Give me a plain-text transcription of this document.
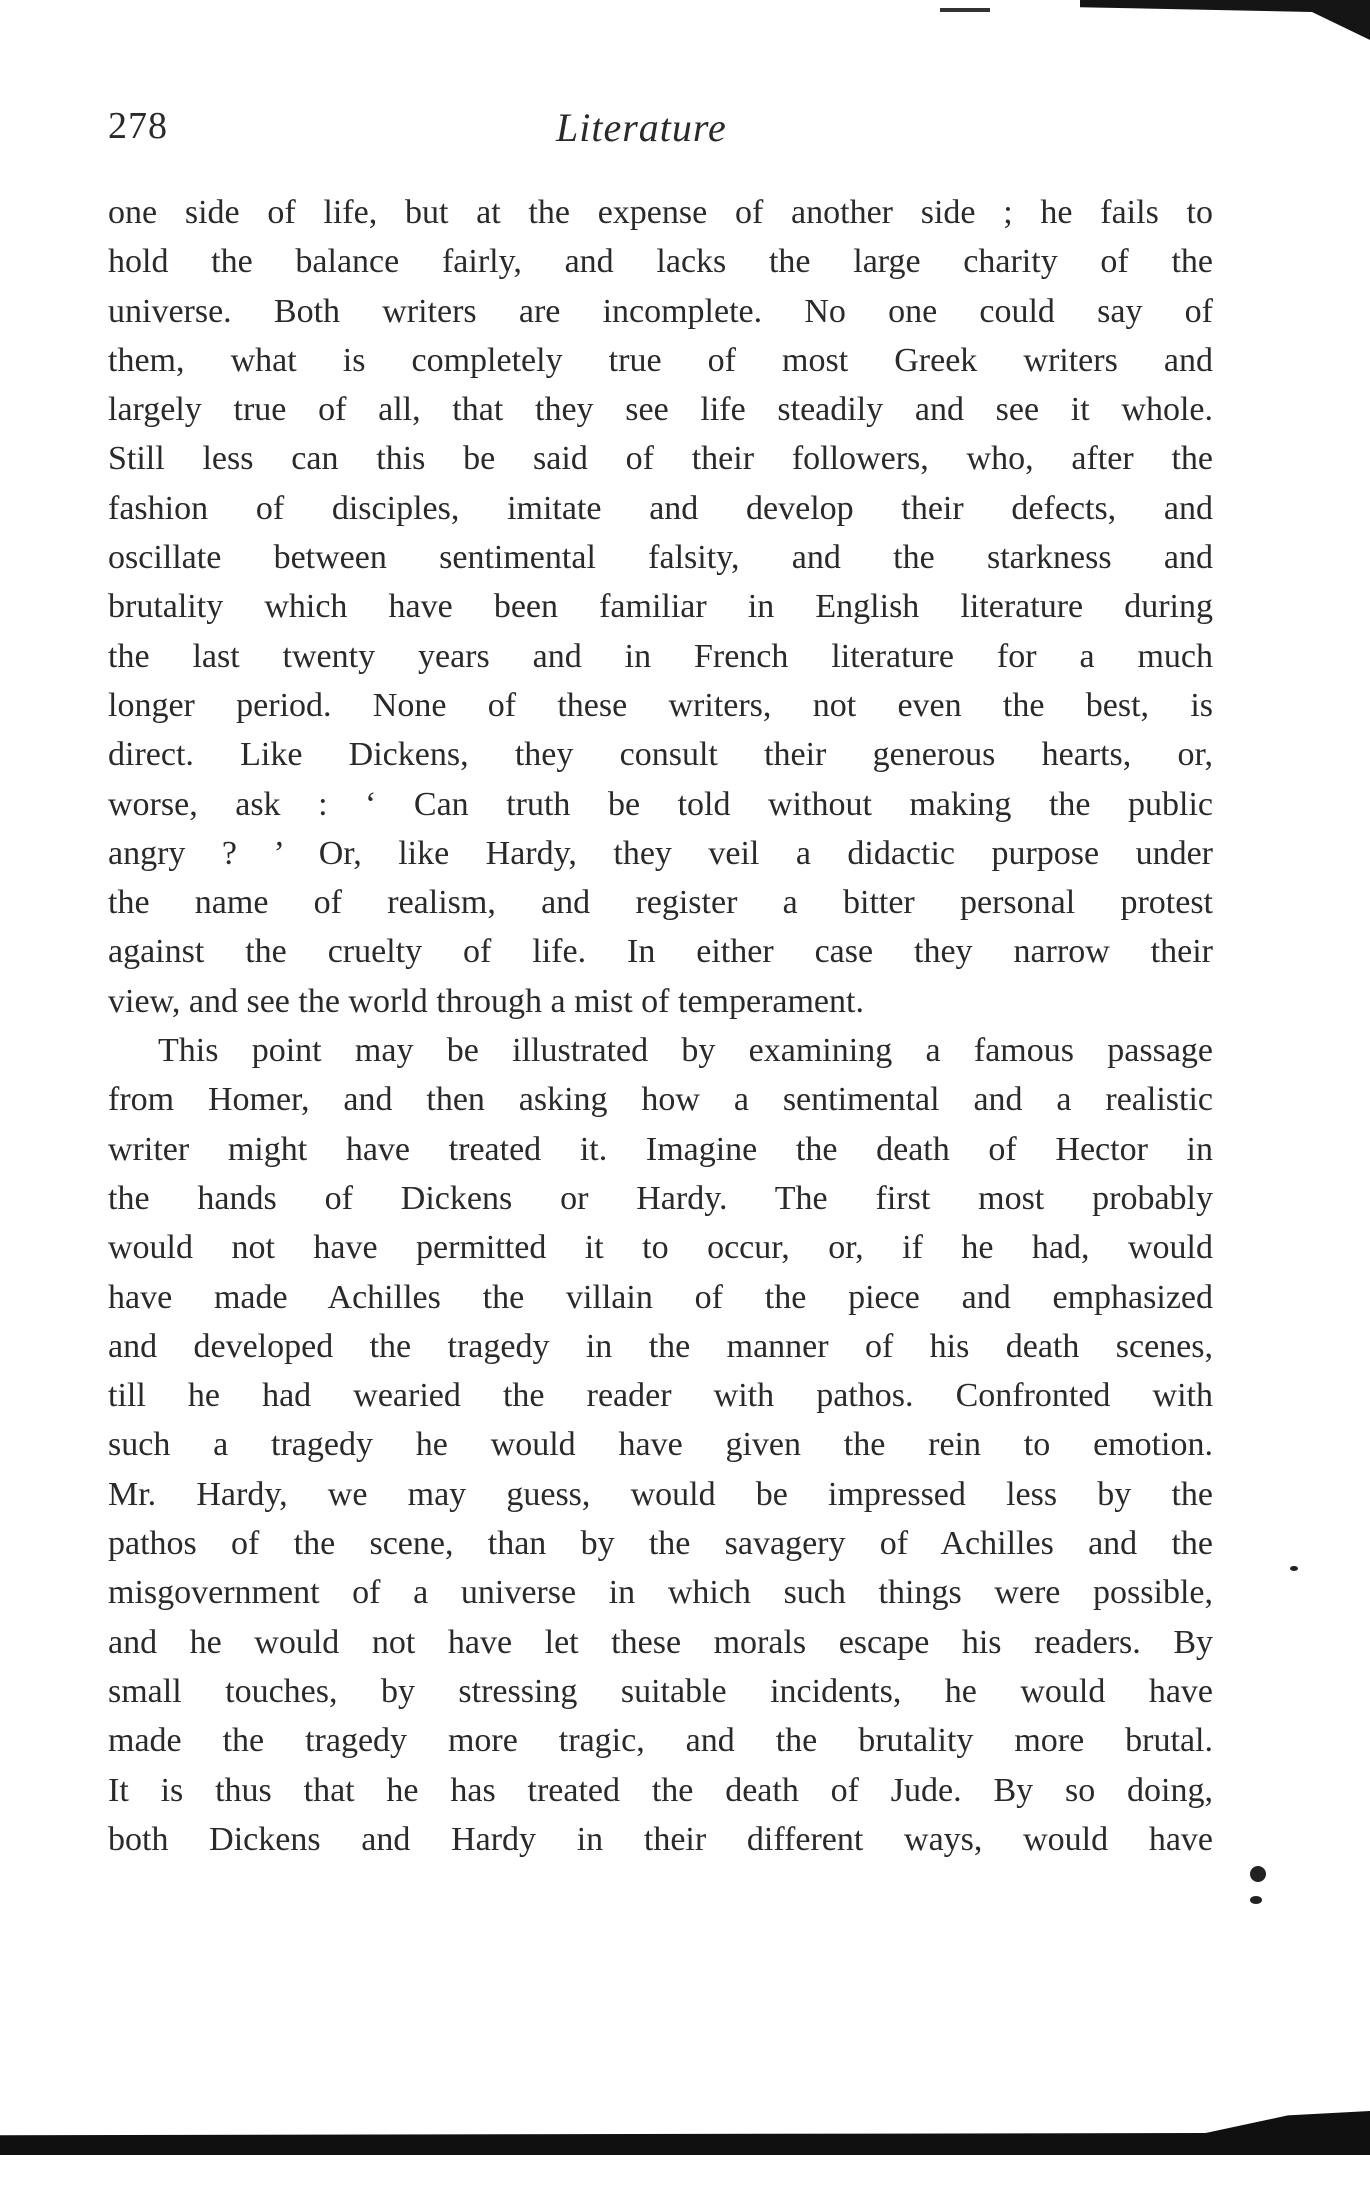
278	Literature
one side of life, but at the expense of another side ; he fails to
hold the balance fairly, and lacks the large charity of the
universe. Both writers are incomplete. No one could say of
them, what is completely true of most Greek writers and
largely true of all, that they see life steadily and see it whole.
Still less can this be said of their followers, who, after the
fashion of disciples, imitate and develop their defects, and
oscillate between sentimental falsity, and the starkness and
brutality which have been familiar in English literature during
the last twenty years and in French literature for a much
longer period. None of these writers, not even the best, is
direct. Like Dickens, they consult their generous hearts, or,
worse, ask : ‘ Can truth be told without making the public
angry ? ’ Or, like Hardy, they veil a didactic purpose under
the name of realism, and register a bitter personal protest
against the cruelty of life. In either case they narrow their
view, and see the world through a mist of temperament.
This point may be illustrated by examining a famous passage
from Homer, and then asking how a sentimental and a realistic
writer might have treated it. Imagine the death of Hector in
the hands of Dickens or Hardy. The first most probably
would not have permitted it to occur, or, if he had, would
have made Achilles the villain of the piece and emphasized
and developed the tragedy in the manner of his death scenes,
till he had wearied the reader with pathos. Confronted with
such a tragedy he would have given the rein to emotion.
Mr. Hardy, we may guess, would be impressed less by the
pathos of the scene, than by the savagery of Achilles and the
misgovernment of a universe in which such things were possible,
and he would not have let these morals escape his readers. By
small touches, by stressing suitable incidents, he would have
made the tragedy more tragic, and the brutality more brutal.
It is thus that he has treated the death of Jude. By so doing,
both Dickens and Hardy in their different ways, would have
